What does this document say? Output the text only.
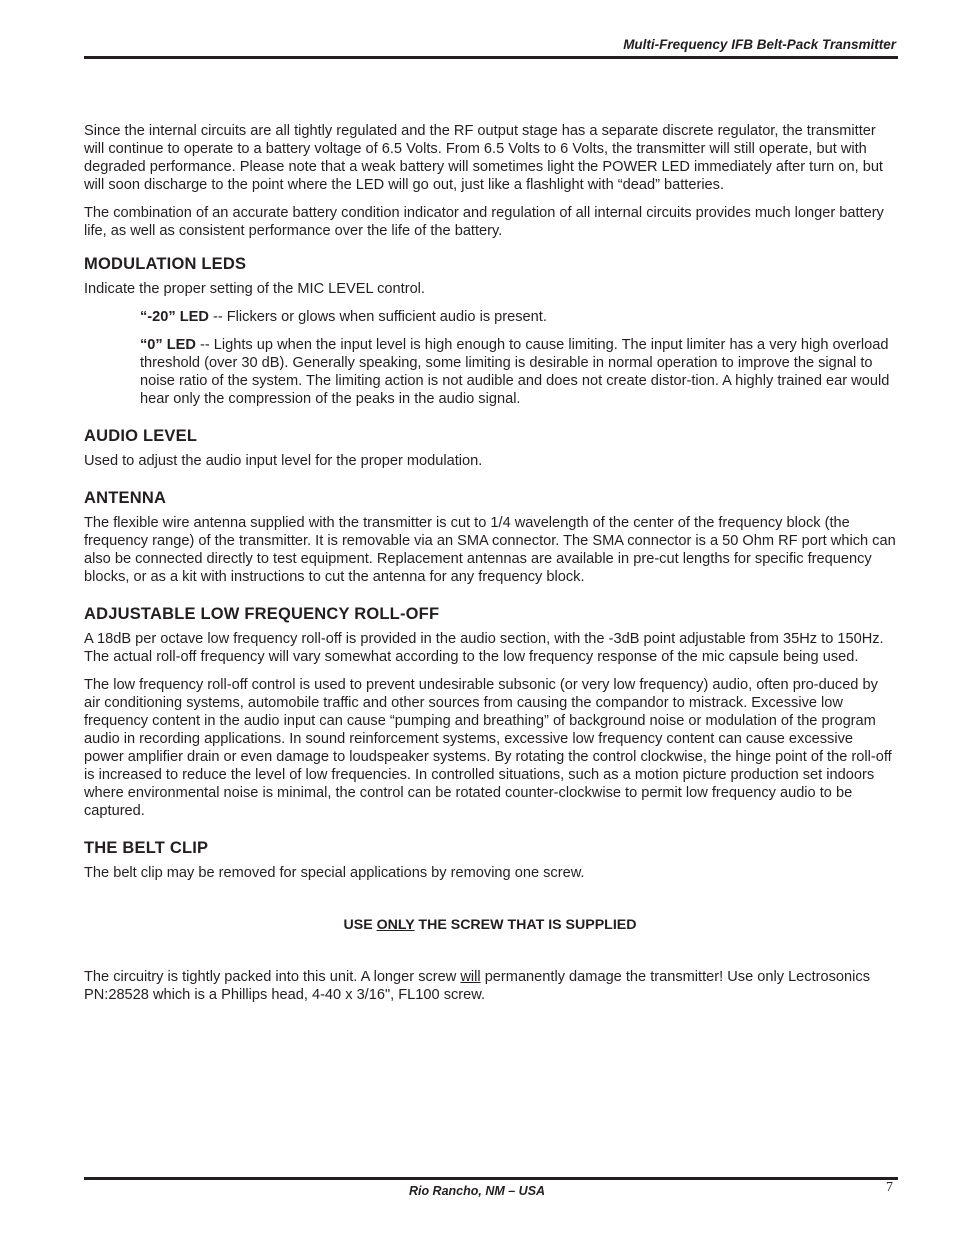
Multi-Frequency IFB Belt-Pack Transmitter

Since the internal circuits are all tightly regulated and the RF output stage has a separate discrete regulator, the transmitter will continue to operate to a battery voltage of 6.5 Volts. From 6.5 Volts to 6 Volts, the transmitter will still operate, but with degraded performance. Please note that a weak battery will sometimes light the POWER LED immediately after turn on, but will soon discharge to the point where the LED will go out, just like a flashlight with “dead” batteries.

The combination of an accurate battery condition indicator and regulation of all internal circuits provides much longer battery life, as well as consistent performance over the life of the battery.

MODULATION LEDS

Indicate the proper setting of the MIC LEVEL control.

“-20” LED -- Flickers or glows when sufficient audio is present.

“0” LED -- Lights up when the input level is high enough to cause limiting. The input limiter has a very high overload threshold (over 30 dB). Generally speaking, some limiting is desirable in normal operation to improve the signal to noise ratio of the system. The limiting action is not audible and does not create distor-tion. A highly trained ear would hear only the compression of the peaks in the audio signal.

AUDIO LEVEL

Used to adjust the audio input level for the proper modulation.

ANTENNA

The flexible wire antenna supplied with the transmitter is cut to 1/4 wavelength of the center of the frequency block (the frequency range) of the transmitter. It is removable via an SMA connector. The SMA connector is a 50 Ohm RF port which can also be connected directly to test equipment. Replacement antennas are available in pre-cut lengths for specific frequency blocks, or as a kit with instructions to cut the antenna for any frequency block.

ADJUSTABLE LOW FREQUENCY ROLL-OFF

A 18dB per octave low frequency roll-off is provided in the audio section, with the -3dB point adjustable from 35Hz to 150Hz. The actual roll-off frequency will vary somewhat according to the low frequency response of the mic capsule being used.

The low frequency roll-off control is used to prevent undesirable subsonic (or very low frequency) audio, often pro-duced by air conditioning systems, automobile traffic and other sources from causing the compandor to mistrack. Excessive low frequency content in the audio input can cause “pumping and breathing” of background noise or modulation of the program audio in recording applications. In sound reinforcement systems, excessive low frequency content can cause excessive power amplifier drain or even damage to loudspeaker systems. By rotating the control clockwise, the hinge point of the roll-off is increased to reduce the level of low frequencies. In controlled situations, such as a motion picture production set indoors where environmental noise is minimal, the control can be rotated counter-clockwise to permit low frequency audio to be captured.

THE BELT CLIP

The belt clip may be removed for special applications by removing one screw.

USE ONLY THE SCREW THAT IS SUPPLIED

The circuitry is tightly packed into this unit. A longer screw will permanently damage the transmitter! Use only Lectrosonics PN:28528 which is a Phillips head, 4-40 x 3/16", FL100 screw.

Rio Rancho, NM – USA	7
